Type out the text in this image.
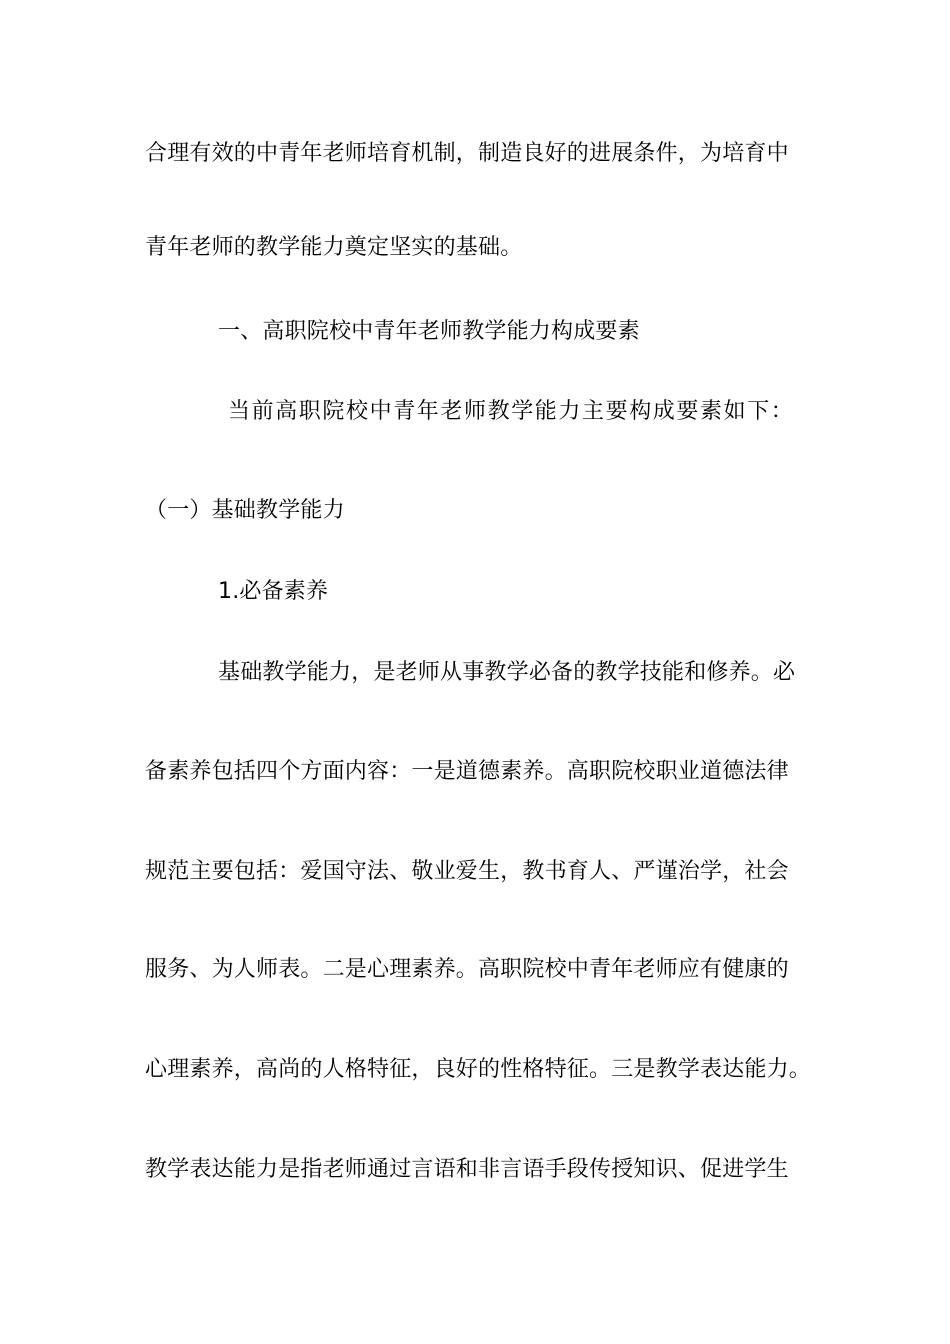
合理有效的中青年老师培育机制，制造良好的进展条件，为培育中
青年老师的教学能力奠定坚实的基础。
一、高职院校中青年老师教学能力构成要素
当前高职院校中青年老师教学能力主要构成要素如下：
（一）基础教学能力
1.必备素养
基础教学能力，是老师从事教学必备的教学技能和修养。必
备素养包括四个方面内容：一是道德素养。高职院校职业道德法律
规范主要包括：爱国守法、敬业爱生，教书育人、严谨治学，社会
服务、为人师表。二是心理素养。高职院校中青年老师应有健康的
心理素养，高尚的人格特征，良好的性格特征。三是教学表达能力。
教学表达能力是指老师通过言语和非言语手段传授知识、促进学生
